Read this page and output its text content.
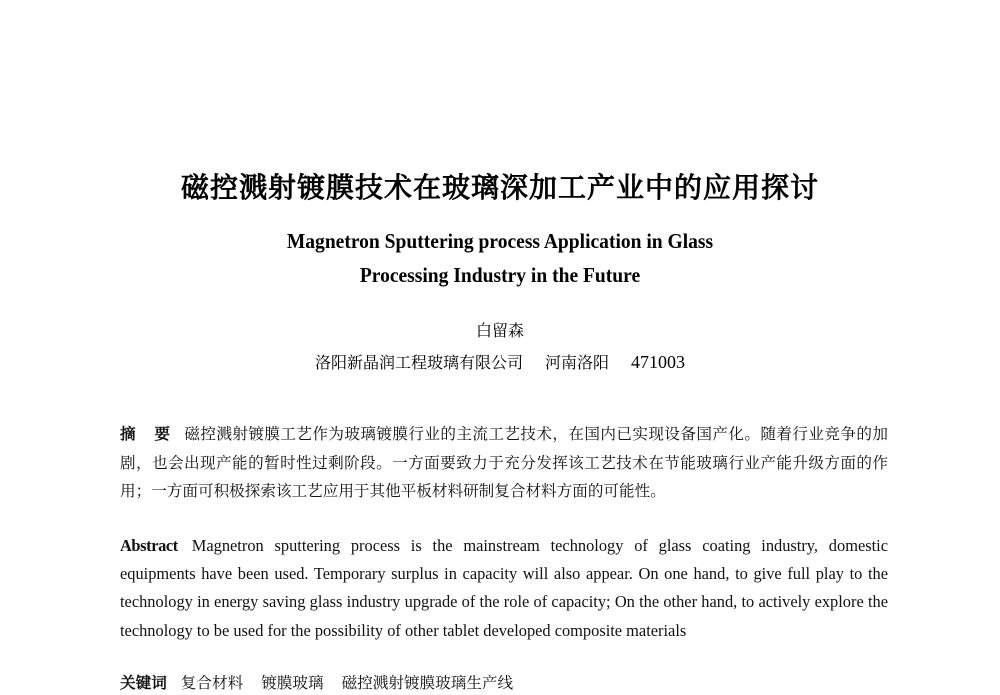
磁控溅射镀膜技术在玻璃深加工产业中的应用探讨
Magnetron Sputtering process Application in Glass
Processing Industry in the Future
白留森
洛阳新晶润工程玻璃有限公司 河南洛阳 471003
摘 要 磁控溅射镀膜工艺作为玻璃镀膜行业的主流工艺技术，在国内已实现设备国产化。随着行业竞争的加剧，也会出现产能的暂时性过剩阶段。一方面要致力于充分发挥该工艺技术在节能玻璃行业产能升级方面的作用；一方面可积极探索该工艺应用于其他平板材料研制复合材料方面的可能性。
Abstract Magnetron sputtering process is the mainstream technology of glass coating industry, domestic equipments have been used. Temporary surplus in capacity will also appear. On one hand, to give full play to the technology in energy saving glass industry upgrade of the role of capacity; On the other hand, to actively explore the technology to be used for the possibility of other tablet developed composite materials
关键词 复合材料 镀膜玻璃 磁控溅射镀膜玻璃生产线
